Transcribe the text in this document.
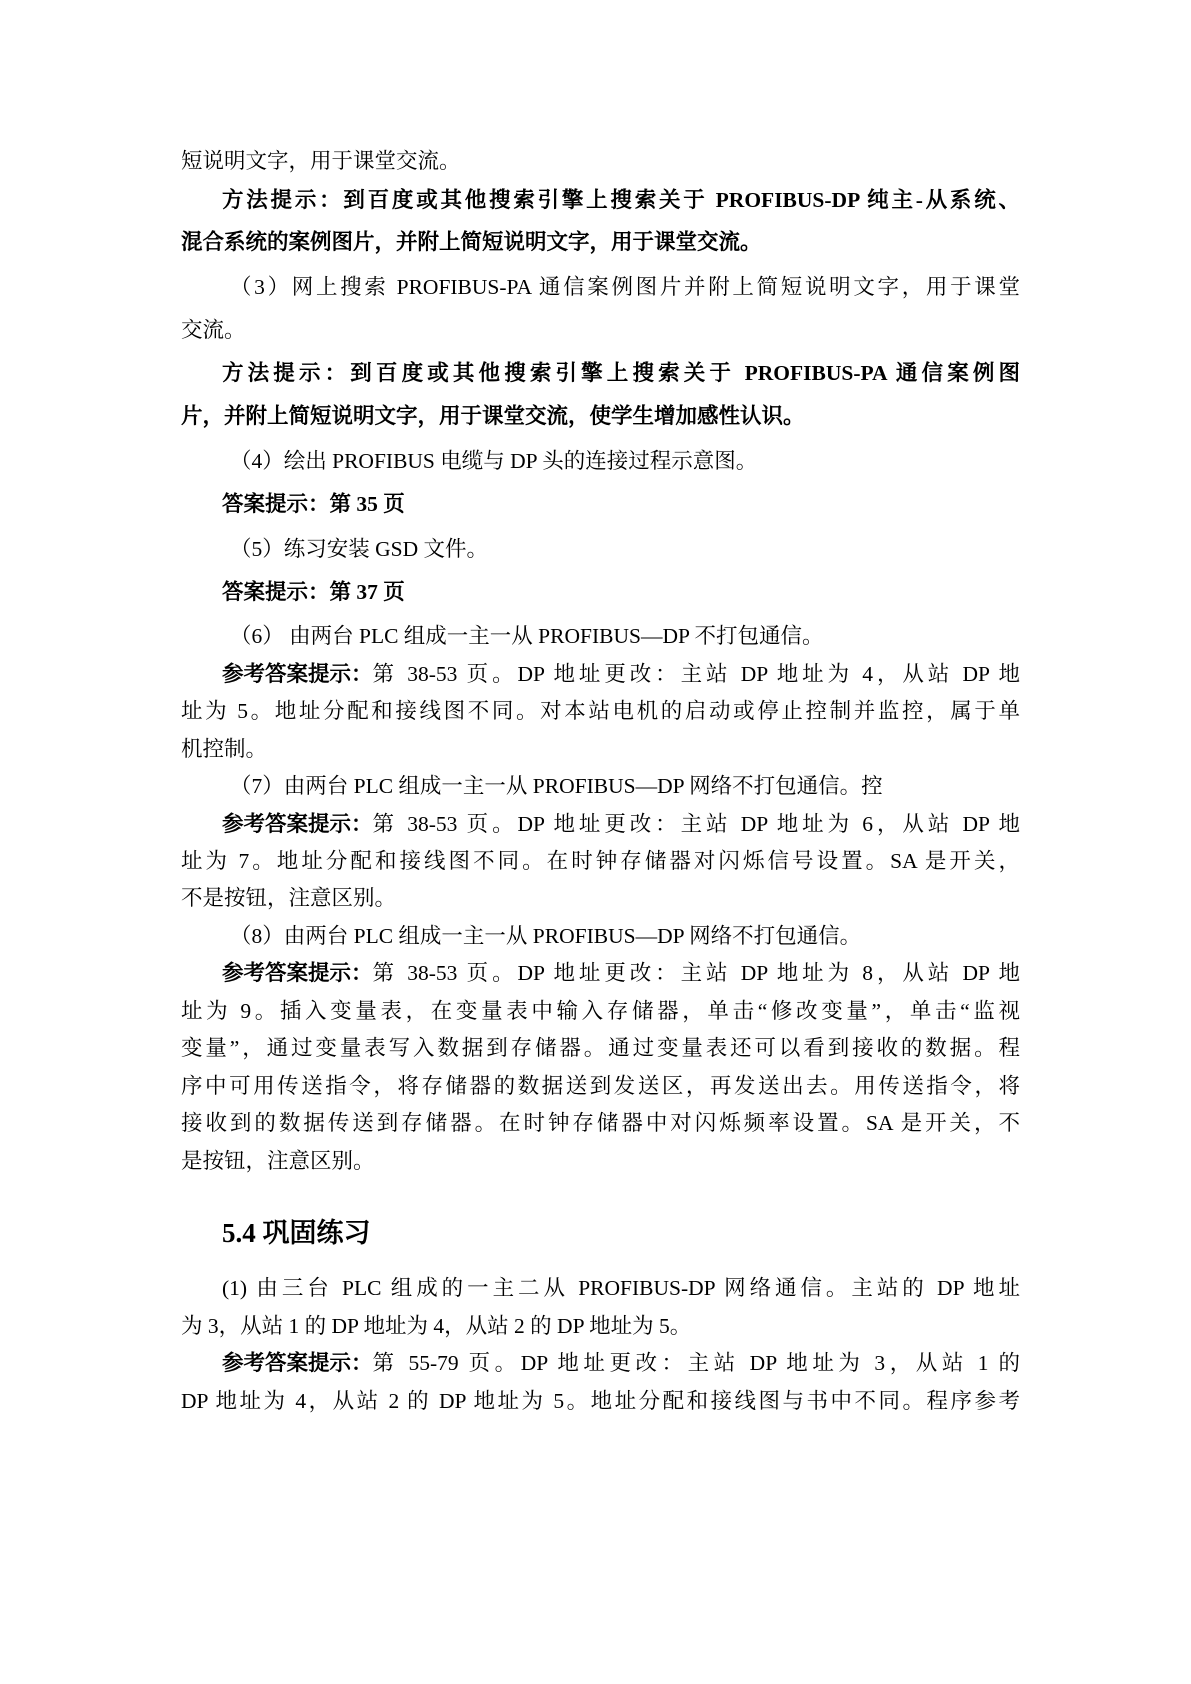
短说明文字，用于课堂交流。
方法提示：到百度或其他搜索引擎上搜索关于 PROFIBUS-DP 纯主-从系统、
混合系统的案例图片，并附上简短说明文字，用于课堂交流。
（3）网上搜索 PROFIBUS-PA 通信案例图片并附上简短说明文字，用于课堂
交流。
方法提示：到百度或其他搜索引擎上搜索关于 PROFIBUS-PA 通信案例图
片，并附上简短说明文字，用于课堂交流，使学生增加感性认识。
（4）绘出 PROFIBUS 电缆与 DP 头的连接过程示意图。
答案提示：第 35 页
（5）练习安装 GSD 文件。
答案提示：第 37 页
（6） 由两台 PLC 组成一主一从 PROFIBUS—DP 不打包通信。
参考答案提示： 第 38-53 页。DP 地址更改：主站 DP 地址为 4，从站 DP 地
址为 5。地址分配和接线图不同。对本站电机的启动或停止控制并监控，属于单
机控制。
（7）由两台 PLC 组成一主一从 PROFIBUS—DP 网络不打包通信。控
参考答案提示： 第 38-53 页。DP 地址更改：主站 DP 地址为 6，从站 DP 地
址为 7。地址分配和接线图不同。在时钟存储器对闪烁信号设置。SA 是开关，
不是按钮，注意区别。
（8）由两台 PLC 组成一主一从 PROFIBUS—DP 网络不打包通信。
参考答案提示： 第 38-53 页。DP 地址更改：主站 DP 地址为 8，从站 DP 地
址为 9。插入变量表，在变量表中输入存储器，单击“修改变量”，单击“监视
变量”，通过变量表写入数据到存储器。通过变量表还可以看到接收的数据。程
序中可用传送指令，将存储器的数据送到发送区，再发送出去。用传送指令，将
接收到的数据传送到存储器。在时钟存储器中对闪烁频率设置。SA 是开关，不
是按钮，注意区别。
5.4 巩固练习
(1) 由三台 PLC 组成的一主二从 PROFIBUS-DP 网络通信。主站的 DP 地址
为 3，从站 1 的 DP 地址为 4，从站 2 的 DP 地址为 5。
参考答案提示： 第 55-79 页。DP 地址更改：主站 DP 地址为 3，从站 1 的
DP 地址为 4，从站 2 的 DP 地址为 5。地址分配和接线图与书中不同。程序参考
